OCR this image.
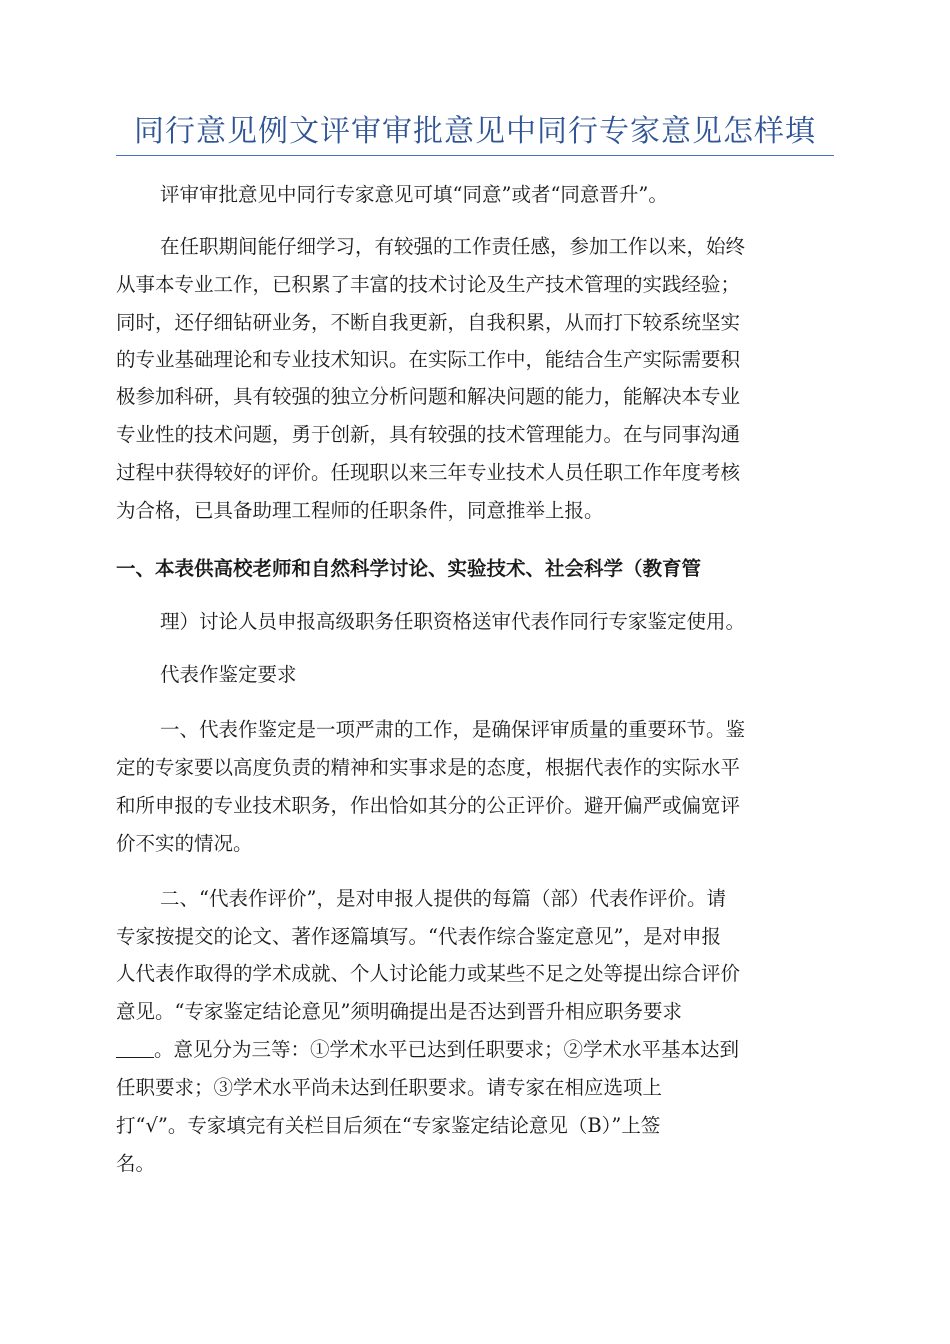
同行意见例文评审审批意见中同行专家意见怎样填
评审审批意见中同行专家意见可填“同意”或者“同意晋升”。
在任职期间能仔细学习，有较强的工作责任感，参加工作以来，始终
从事本专业工作，已积累了丰富的技术讨论及生产技术管理的实践经验；
同时，还仔细钻研业务，不断自我更新，自我积累，从而打下较系统坚实
的专业基础理论和专业技术知识。在实际工作中，能结合生产实际需要积
极参加科研，具有较强的独立分析问题和解决问题的能力，能解决本专业
专业性的技术问题，勇于创新，具有较强的技术管理能力。在与同事沟通
过程中获得较好的评价。任现职以来三年专业技术人员任职工作年度考核
为合格，已具备助理工程师的任职条件，同意推举上报。
一、本表供高校老师和自然科学讨论、实验技术、社会科学（教育管
理）讨论人员申报高级职务任职资格送审代表作同行专家鉴定使用。
代表作鉴定要求
一、代表作鉴定是一项严肃的工作，是确保评审质量的重要环节。鉴
定的专家要以高度负责的精神和实事求是的态度，根据代表作的实际水平
和所申报的专业技术职务，作出恰如其分的公正评价。避开偏严或偏宽评
价不实的情况。
二、“代表作评价”，是对申报人提供的每篇（部）代表作评价。请
专家按提交的论文、著作逐篇填写。“代表作综合鉴定意见”，是对申报
人代表作取得的学术成就、个人讨论能力或某些不足之处等提出综合评价
意见。“专家鉴定结论意见”须明确提出是否达到晋升相应职务要求
。意见分为三等：①学术水平已达到任职要求；②学术水平基本达到
任职要求；③学术水平尚未达到任职要求。请专家在相应选项上
打“√”。专家填完有关栏目后须在“专家鉴定结论意见（B）”上签
名。
